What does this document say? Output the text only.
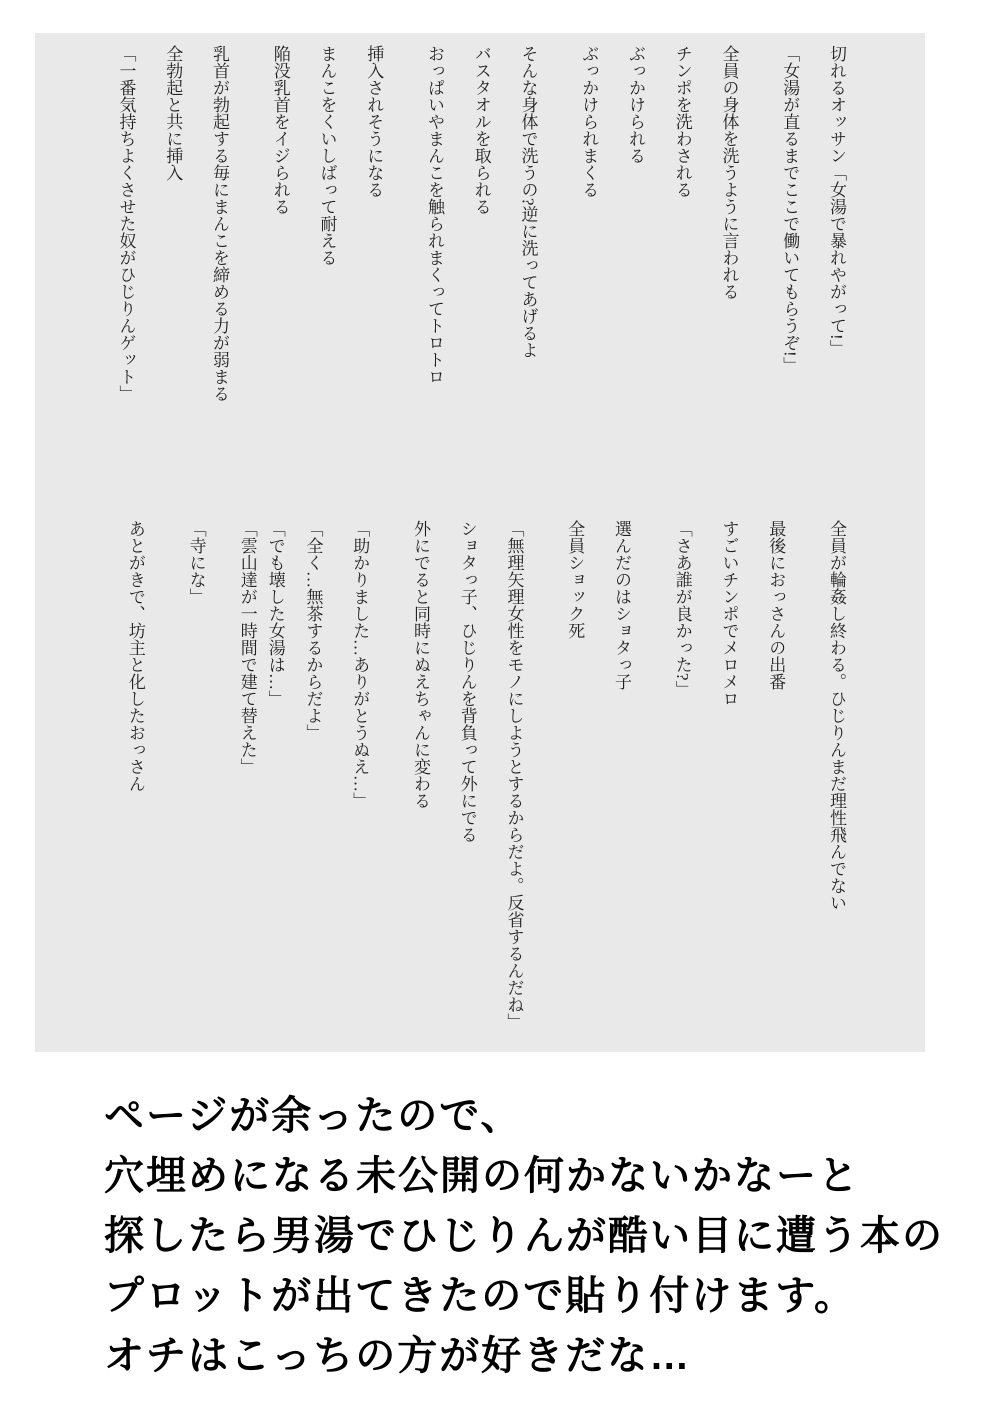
切れるオッサン「女湯で暴れやがって!」
「女湯が直るまでここで働いてもらうぞ!」
全員の身体を洗うように言われる
チンポを洗わされる
ぶっかけられる
ぶっかけられまくる
そんな身体で洗うの?逆に洗ってあげるよ
バスタオルを取られる
おっぱいやまんこを触られまくってトロトロ
挿入されそうになる
まんこをくいしばって耐える
陥没乳首をイジられる
乳首が勃起する毎にまんこを締める力が弱まる
全勃起と共に挿入
「一番気持ちよくさせた奴がひじりんゲット」
全員が輪姦し終わる。ひじりんまだ理性飛んでない
最後におっさんの出番
すごいチンポでメロメロ
「さあ誰が良かった?」
選んだのはショタっ子
全員ショック死
「無理矢理女性をモノにしようとするからだよ。反省するんだね」
ショタっ子、ひじりんを背負って外にでる
外にでると同時にぬえちゃんに変わる
「助かりました…ありがとうぬえ…」
「全く…無茶するからだよ」
「でも壊した女湯は…」
「雲山達が一時間で建て替えた」
「寺にな」
あとがきで、坊主と化したおっさん
ページが余ったので、
穴埋めになる未公開の何かないかなーと
探したら男湯でひじりんが酷い目に遭う本の
プロットが出てきたので貼り付けます。
オチはこっちの方が好きだな…
